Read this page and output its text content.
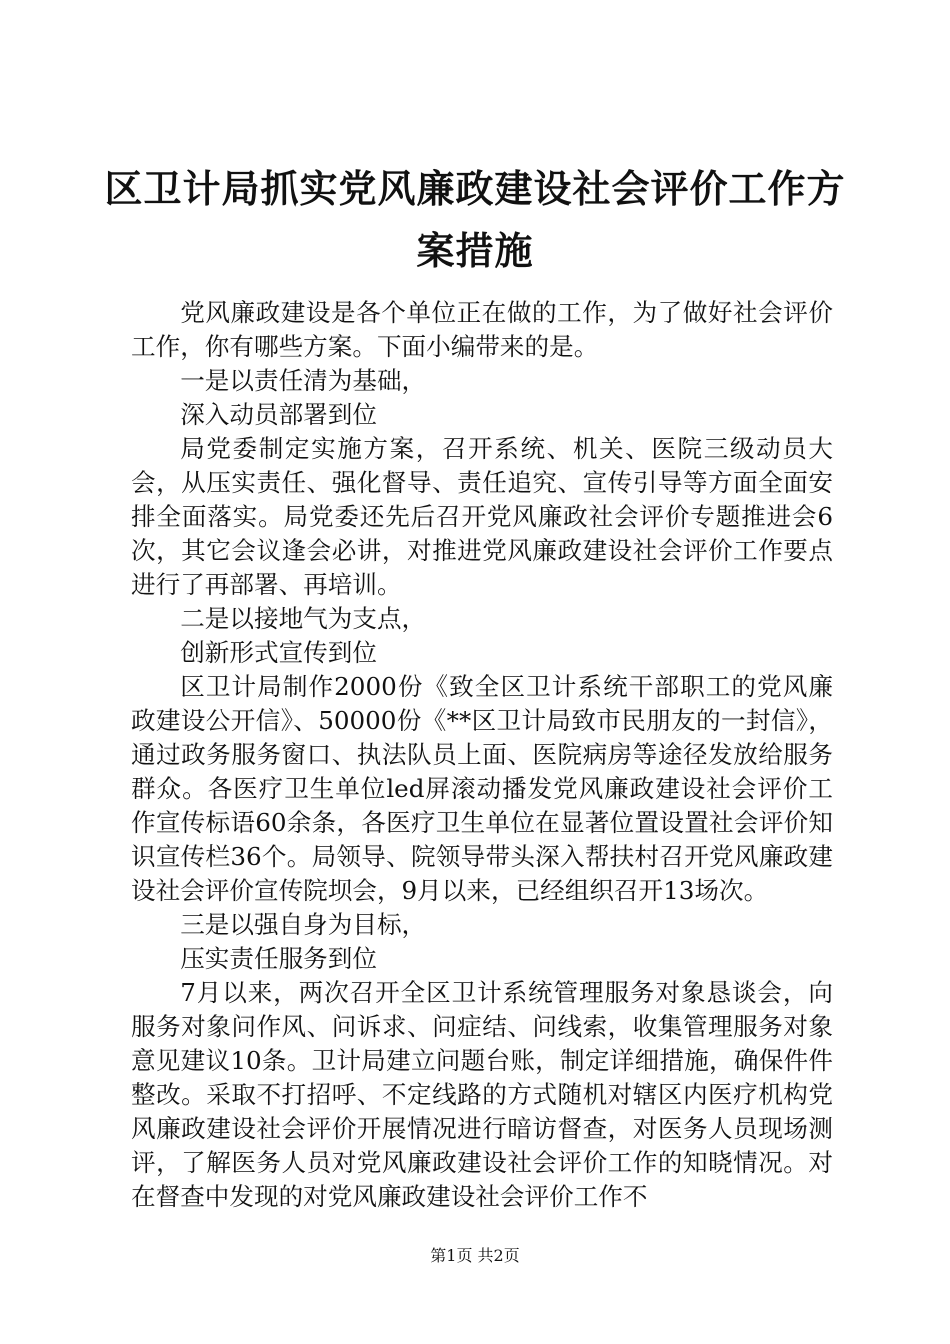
区卫计局抓实党风廉政建设社会评价工作方案措施

党风廉政建设是各个单位正在做的工作，为了做好社会评价工作，你有哪些方案。下面小编带来的是。

一是以责任清为基础，

深入动员部署到位

局党委制定实施方案，召开系统、机关、医院三级动员大会，从压实责任、强化督导、责任追究、宣传引导等方面全面安排全面落实。局党委还先后召开党风廉政社会评价专题推进会6次，其它会议逢会必讲，对推进党风廉政建设社会评价工作要点进行了再部署、再培训。

二是以接地气为支点，

创新形式宣传到位

区卫计局制作2000份《致全区卫计系统干部职工的党风廉政建设公开信》、50000份《**区卫计局致市民朋友的一封信》，通过政务服务窗口、执法队员上面、医院病房等途径发放给服务群众。各医疗卫生单位led屏滚动播发党风廉政建设社会评价工作宣传标语60余条，各医疗卫生单位在显著位置设置社会评价知识宣传栏36个。局领导、院领导带头深入帮扶村召开党风廉政建设社会评价宣传院坝会，9月以来，已经组织召开13场次。

三是以强自身为目标，

压实责任服务到位

7月以来，两次召开全区卫计系统管理服务对象恳谈会，向服务对象问作风、问诉求、问症结、问线索，收集管理服务对象意见建议10条。卫计局建立问题台账，制定详细措施，确保件件整改。采取不打招呼、不定线路的方式随机对辖区内医疗机构党风廉政建设社会评价开展情况进行暗访督查，对医务人员现场测评，了解医务人员对党风廉政建设社会评价工作的知晓情况。对在督查中发现的对党风廉政建设社会评价工作不

第1页 共2页
